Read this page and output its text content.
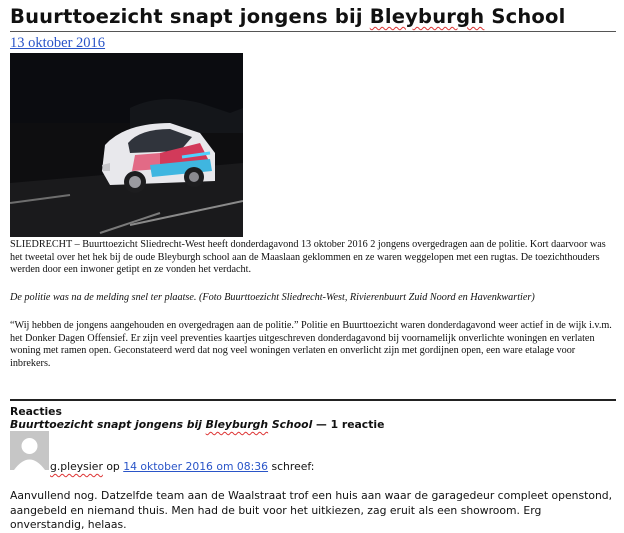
Buurttoezicht snapt jongens bij Bleyburgh School
13 oktober 2016
SLIEDRECHT – Buurttoezicht Sliedrecht-West heeft donderdagavond 13 oktober 2016 2 jongens overgedragen aan de politie. Kort daarvoor was het tweetal over het hek bij de oude Bleyburgh school aan de Maaslaan geklommen en ze waren weggelopen met een rugtas. De toezichthouders werden door een inwoner getipt en ze vonden het verdacht.
De politie was na de melding snel ter plaatse. (Foto Buurttoezicht Sliedrecht-West, Rivierenbuurt Zuid Noord en Havenkwartier)
“Wij hebben de jongens aangehouden en overgedragen aan de politie.” Politie en Buurttoezicht waren donderdagavond weer actief in de wijk i.v.m. het Donker Dagen Offensief. Er zijn veel preventies kaartjes uitgeschreven donderdagavond bij voornamelijk onverlichte woningen en verlaten woning met ramen open. Geconstateerd werd dat nog veel woningen verlaten en onverlicht zijn met gordijnen open, een ware etalage voor inbrekers.
Reacties
Buurttoezicht snapt jongens bij Bleyburgh School — 1 reactie
g.pleysier op 14 oktober 2016 om 08:36 schreef:
Aanvullend nog. Datzelfde team aan de Waalstraat trof een huis aan waar de garagedeur compleet openstond, aangebeld en niemand thuis. Men had de buit voor het uitkiezen, zag eruit als een showroom. Erg onverstandig, helaas.
